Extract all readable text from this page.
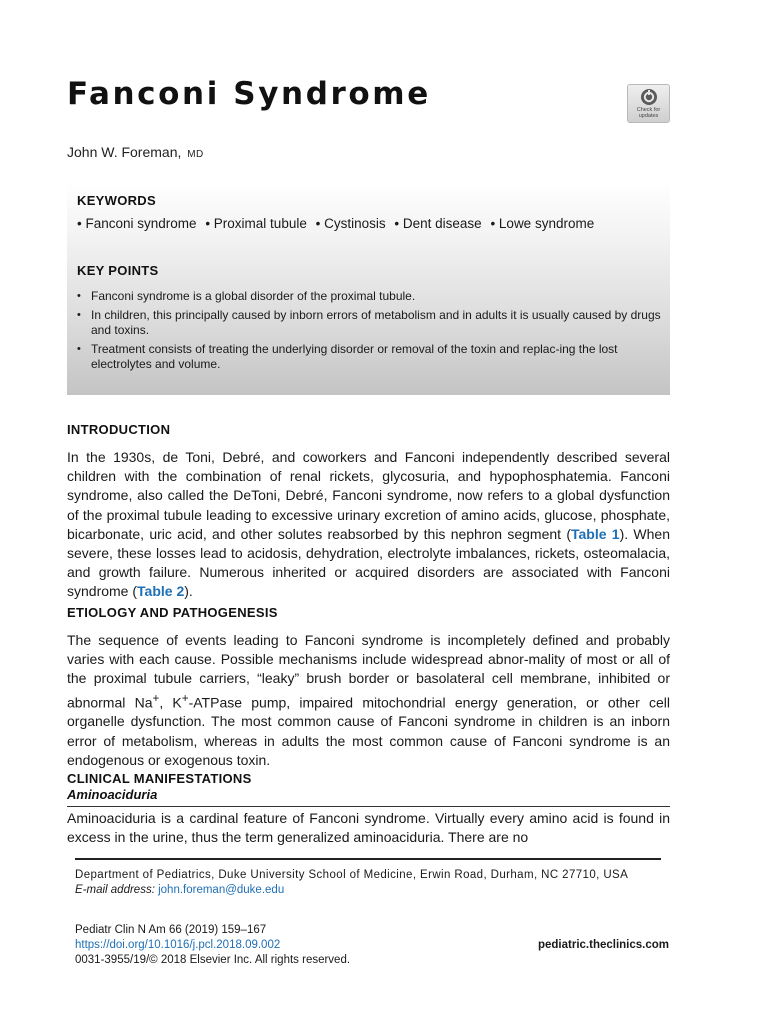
Fanconi Syndrome	Check for updates
John W. Foreman, MD
KEYWORDS
• Fanconi syndrome • Proximal tubule • Cystinosis • Dent disease • Lowe syndrome
KEY POINTS
• Fanconi syndrome is a global disorder of the proximal tubule.
• In children, this principally caused by inborn errors of metabolism and in adults it is usually caused by drugs and toxins.
• Treatment consists of treating the underlying disorder or removal of the toxin and replac-ing the lost electrolytes and volume.
INTRODUCTION

In the 1930s, de Toni, Debré, and coworkers and Fanconi independently described several children with the combination of renal rickets, glycosuria, and hypophosphatemia. Fanconi syndrome, also called the DeToni, Debré, Fanconi syndrome, now refers to a global dysfunction of the proximal tubule leading to excessive urinary excretion of amino acids, glucose, phosphate, bicarbonate, uric acid, and other solutes reabsorbed by this nephron segment (Table 1). When severe, these losses lead to acidosis, dehydration, electrolyte imbalances, rickets, osteomalacia, and growth failure. Numerous inherited or acquired disorders are associated with Fanconi syndrome (Table 2).

ETIOLOGY AND PATHOGENESIS

The sequence of events leading to Fanconi syndrome is incompletely defined and probably varies with each cause. Possible mechanisms include widespread abnor-mality of most or all of the proximal tubule carriers, “leaky” brush border or basolateral cell membrane, inhibited or abnormal Na+, K+-ATPase pump, impaired mitochondrial energy generation, or other cell organelle dysfunction. The most common cause of Fanconi syndrome in children is an inborn error of metabolism, whereas in adults the most common cause of Fanconi syndrome is an endogenous or exogenous toxin.

CLINICAL MANIFESTATIONS
Aminoaciduria

Aminoaciduria is a cardinal feature of Fanconi syndrome. Virtually every amino acid is found in excess in the urine, thus the term generalized aminoaciduria. There are no

Department of Pediatrics, Duke University School of Medicine, Erwin Road, Durham, NC 27710, USA
E-mail address: john.foreman@duke.edu
Pediatr Clin N Am 66 (2019) 159–167
https://doi.org/10.1016/j.pcl.2018.09.002
0031-3955/19/© 2018 Elsevier Inc. All rights reserved.
pediatric.theclinics.com
